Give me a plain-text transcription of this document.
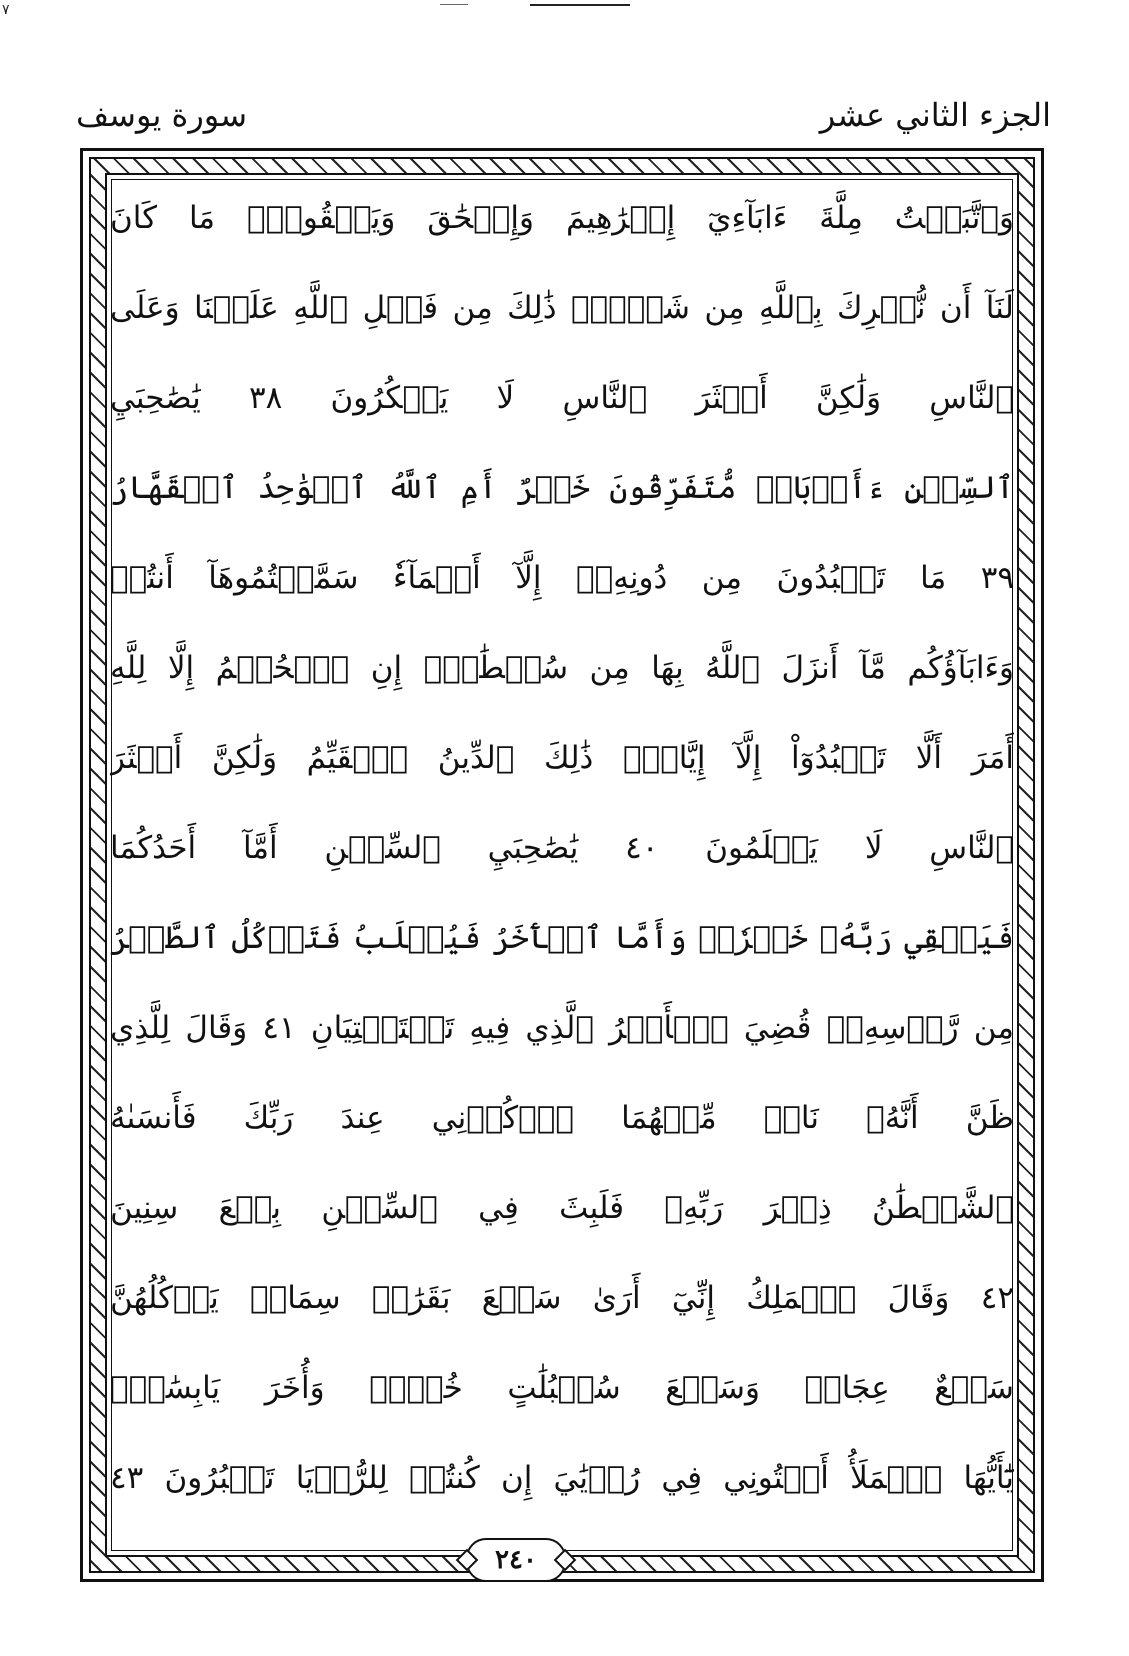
٧
الجزء الثاني عشر
سورة يوسف
وَٱتَّبَعۡتُ مِلَّةَ ءَابَآءِيٓ إِبۡرَٰهِيمَ وَإِسۡحَٰقَ وَيَعۡقُوبَۚ مَا كَانَ
لَنَآ أَن نُّشۡرِكَ بِٱللَّهِ مِن شَيۡءٖۚ ذَٰلِكَ مِن فَضۡلِ ٱللَّهِ عَلَيۡنَا وَعَلَى
ٱلنَّاسِ وَلَٰكِنَّ أَكۡثَرَ ٱلنَّاسِ لَا يَشۡكُرُونَ ٣٨ يَٰصَٰحِبَيِ
ٱلسِّجۡنِ ءَأَرۡبَابٞ مُّتَفَرِّقُونَ خَيۡرٌ أَمِ ٱللَّهُ ٱلۡوَٰحِدُ ٱلۡقَهَّارُ
٣٩ مَا تَعۡبُدُونَ مِن دُونِهِۦٓ إِلَّآ أَسۡمَآءٗ سَمَّيۡتُمُوهَآ أَنتُمۡ
وَءَابَآؤُكُم مَّآ أَنزَلَ ٱللَّهُ بِهَا مِن سُلۡطَٰنٍۚ إِنِ ٱلۡحُكۡمُ إِلَّا لِلَّهِ
أَمَرَ أَلَّا تَعۡبُدُوٓاْ إِلَّآ إِيَّاهُۚ ذَٰلِكَ ٱلدِّينُ ٱلۡقَيِّمُ وَلَٰكِنَّ أَكۡثَرَ
ٱلنَّاسِ لَا يَعۡلَمُونَ ٤٠ يَٰصَٰحِبَيِ ٱلسِّجۡنِ أَمَّآ أَحَدُكُمَا
فَيَسۡقِي رَبَّهُۥ خَمۡرٗاۖ وَأَمَّا ٱلۡأٓخَرُ فَيُصۡلَبُ فَتَأۡكُلُ ٱلطَّيۡرُ
مِن رَّأۡسِهِۦۚ قُضِيَ ٱلۡأَمۡرُ ٱلَّذِي فِيهِ تَسۡتَفۡتِيَانِ ٤١ وَقَالَ لِلَّذِي
ظَنَّ أَنَّهُۥ نَاجٖ مِّنۡهُمَا ٱذۡكُرۡنِي عِندَ رَبِّكَ فَأَنسَىٰهُ
ٱلشَّيۡطَٰنُ ذِكۡرَ رَبِّهِۦ فَلَبِثَ فِي ٱلسِّجۡنِ بِضۡعَ سِنِينَ
٤٢ وَقَالَ ٱلۡمَلِكُ إِنِّيٓ أَرَىٰ سَبۡعَ بَقَرَٰتٖ سِمَانٖ يَأۡكُلُهُنَّ
سَبۡعٌ عِجَافٞ وَسَبۡعَ سُنۢبُلَٰتٍ خُضۡرٖ وَأُخَرَ يَابِسَٰتٖۖ
يَٰٓأَيُّهَا ٱلۡمَلَأُ أَفۡتُونِي فِي رُءۡيَٰيَ إِن كُنتُمۡ لِلرُّءۡيَا تَعۡبُرُونَ ٤٣
٢٤٠
